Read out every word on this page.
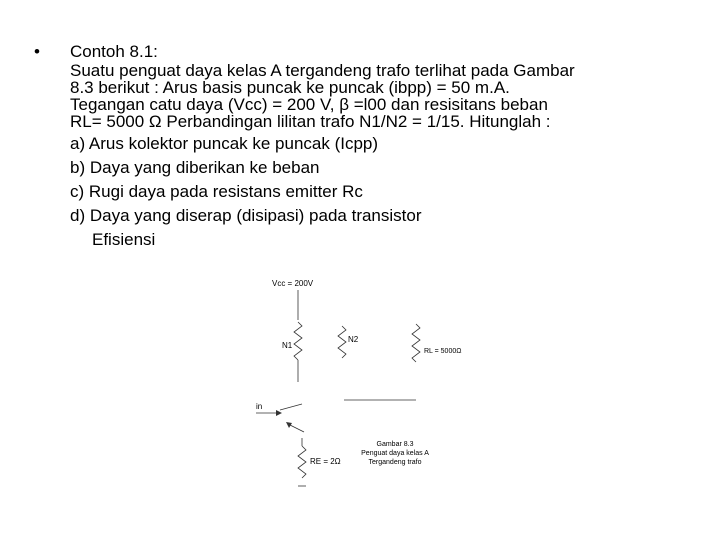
• Contoh 8.1:
Suatu penguat daya kelas A tergandeng trafo terlihat pada Gambar
8.3 berikut : Arus basis puncak ke puncak (ibpp) = 50 m.A.
Tegangan catu daya (Vcc) = 200 V, β =l00 dan resisitans beban
RL= 5000 Ω Perbandingan lilitan trafo N1/N2 = 1/15. Hitunglah :
a) Arus kolektor puncak ke puncak (Icpp)
b) Daya yang diberikan ke beban
c) Rugi daya pada resistans emitter Rc
d) Daya yang diserap (disipasi) pada transistor
Efisiensi
Vcc = 200V
N1
N2
RL = 5000Ω
in
RE = 2Ω
Gambar 8.3
Penguat daya kelas A
Tergandeng trafo
